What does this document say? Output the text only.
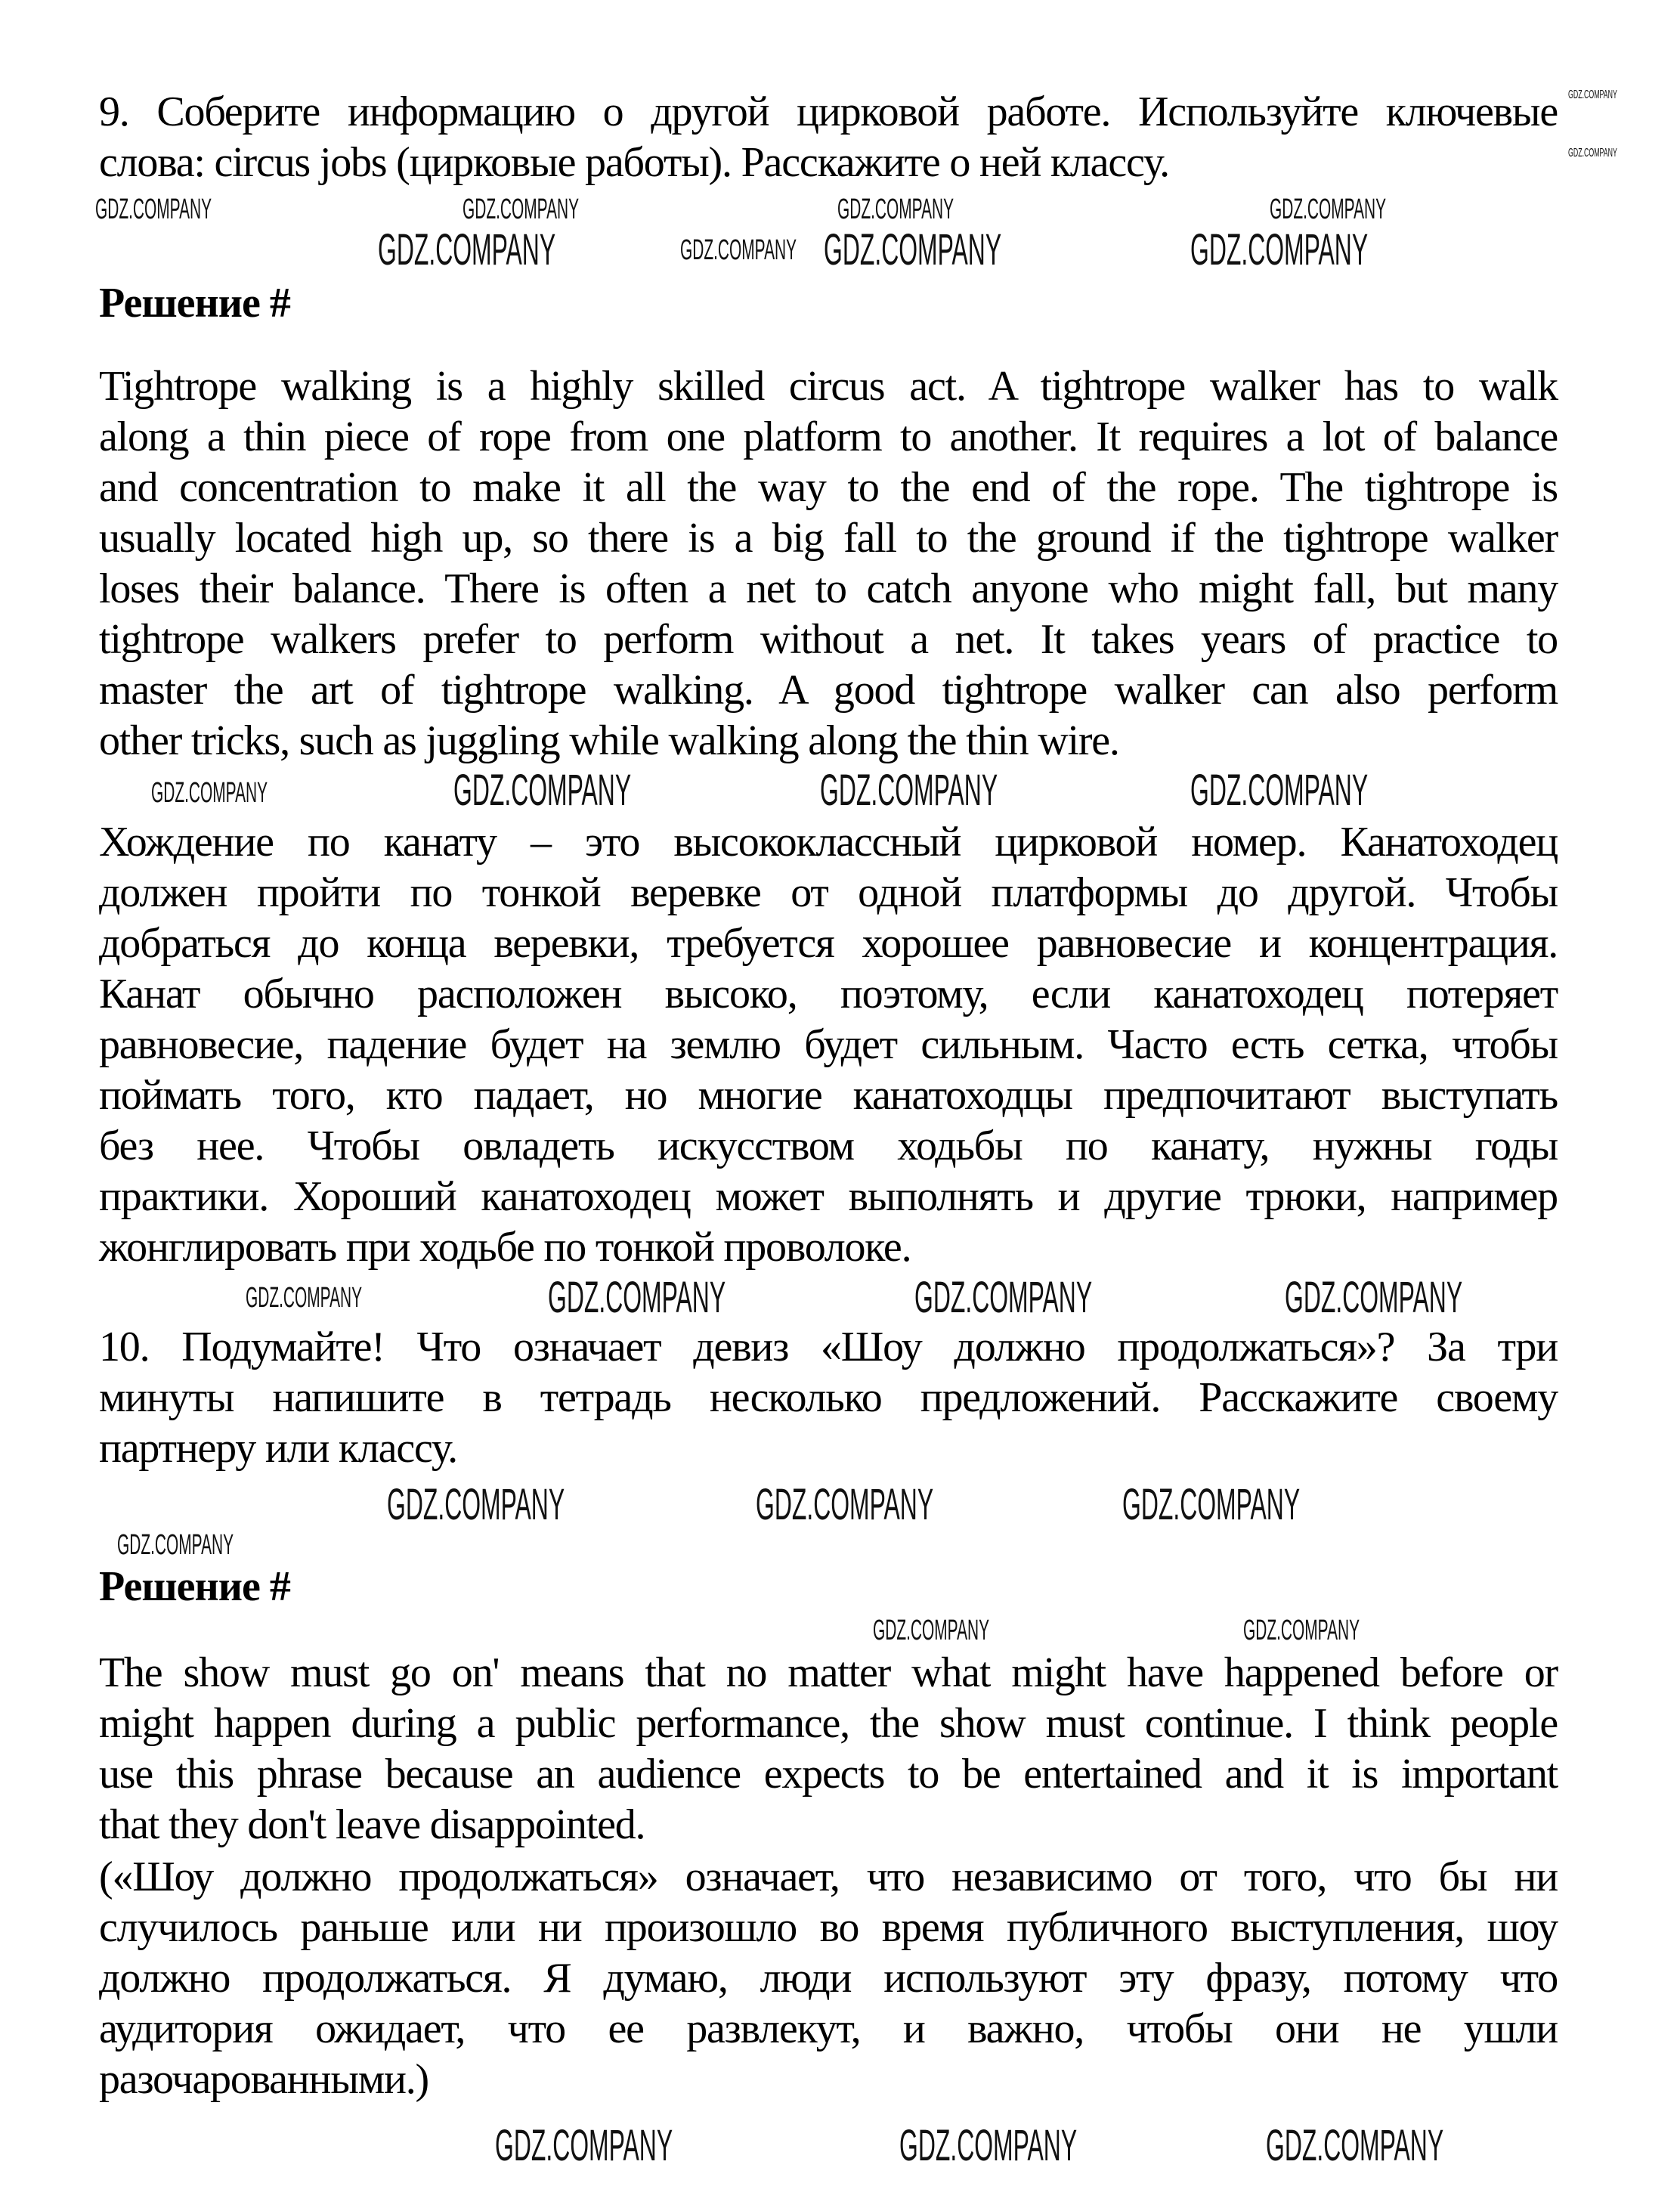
9. Соберите информацию о другой цирковой работе. Используйте ключевые
слова: circus jobs (цирковые работы). Расскажите о ней классу.
Решение #
Tightrope walking is a highly skilled circus act. A tightrope walker has to walk
along a thin piece of rope from one platform to another. It requires a lot of balance
and concentration to make it all the way to the end of the rope. The tightrope is
usually located high up, so there is a big fall to the ground if the tightrope walker
loses their balance. There is often a net to catch anyone who might fall, but many
tightrope walkers prefer to perform without a net. It takes years of practice to
master the art of tightrope walking. A good tightrope walker can also perform
other tricks, such as juggling while walking along the thin wire.
Хождение по канату – это высококлассный цирковой номер. Канатоходец
должен пройти по тонкой веревке от одной платформы до другой. Чтобы
добраться до конца веревки, требуется хорошее равновесие и концентрация.
Канат обычно расположен высоко, поэтому, если канатоходец потеряет
равновесие, падение будет на землю будет сильным. Часто есть сетка, чтобы
поймать того, кто падает, но многие канатоходцы предпочитают выступать
без нее. Чтобы овладеть искусством ходьбы по канату, нужны годы
практики. Хороший канатоходец может выполнять и другие трюки, например
жонглировать при ходьбе по тонкой проволоке.
10. Подумайте! Что означает девиз «Шоу должно продолжаться»? За три
минуты напишите в тетрадь несколько предложений. Расскажите своему
партнеру или классу.
Решение #
The show must go on' means that no matter what might have happened before or
might happen during a public performance, the show must continue. I think people
use this phrase because an audience expects to be entertained and it is important
that they don't leave disappointed.
(«Шоу должно продолжаться» означает, что независимо от того, что бы ни
случилось раньше или ни произошло во время публичного выступления, шоу
должно продолжаться. Я думаю, люди используют эту фразу, потому что
аудитория ожидает, что ее развлекут, и важно, чтобы они не ушли
разочарованными.)
GDZ.COMPANY
GDZ.COMPANY
GDZ.COMPANY	GDZ.COMPANY	GDZ.COMPANY	GDZ.COMPANY
GDZ.COMPANY	GDZ.COMPANY GDZ.COMPANY	GDZ.COMPANY
GDZ.COMPANY
GDZ.COMPANY	GDZ.COMPANY	GDZ.COMPANY
GDZ.COMPANY
GDZ.COMPANY	GDZ.COMPANY
GDZ.COMPANY
GDZ.COMPANY	GDZ.COMPANY	GDZ.COMPANY
GDZ.COMPANY
GDZ.COMPANY	GDZ.COMPANY
GDZ.COMPANY	GDZ.COMPANY	GDZ.COMPANY
